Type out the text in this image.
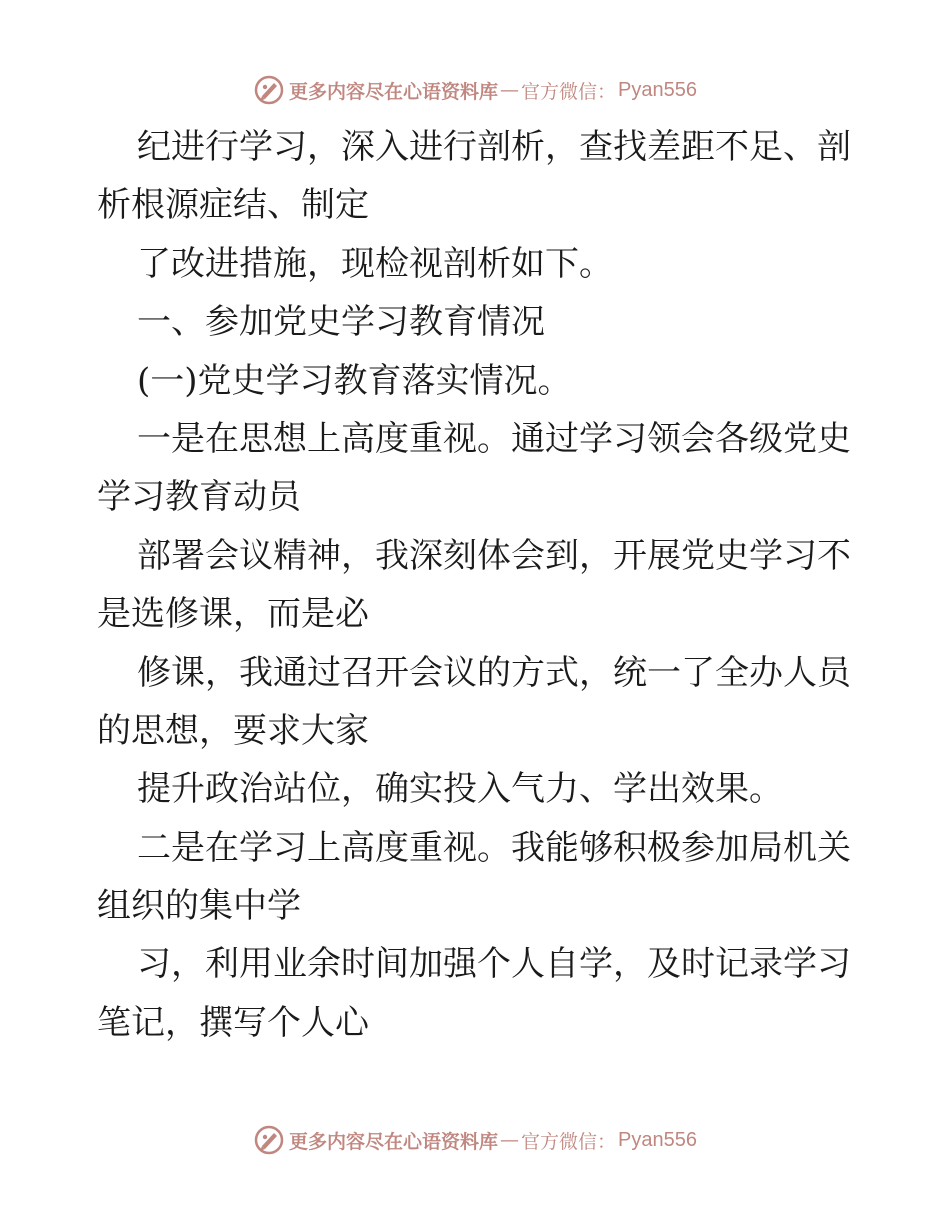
更多内容尽在心语资料库 — 官方微信： Pyan556
纪进行学习，深入进行剖析，查找差距不足、剖
析根源症结、制定
了改进措施，现检视剖析如下。
一、参加党史学习教育情况
(一)党史学习教育落实情况。
一是在思想上高度重视。通过学习领会各级党史
学习教育动员
部署会议精神，我深刻体会到，开展党史学习不
是选修课，而是必
修课，我通过召开会议的方式，统一了全办人员
的思想，要求大家
提升政治站位，确实投入气力、学出效果。
二是在学习上高度重视。我能够积极参加局机关
组织的集中学
习，利用业余时间加强个人自学，及时记录学习
笔记，撰写个人心
更多内容尽在心语资料库 — 官方微信： Pyan556
